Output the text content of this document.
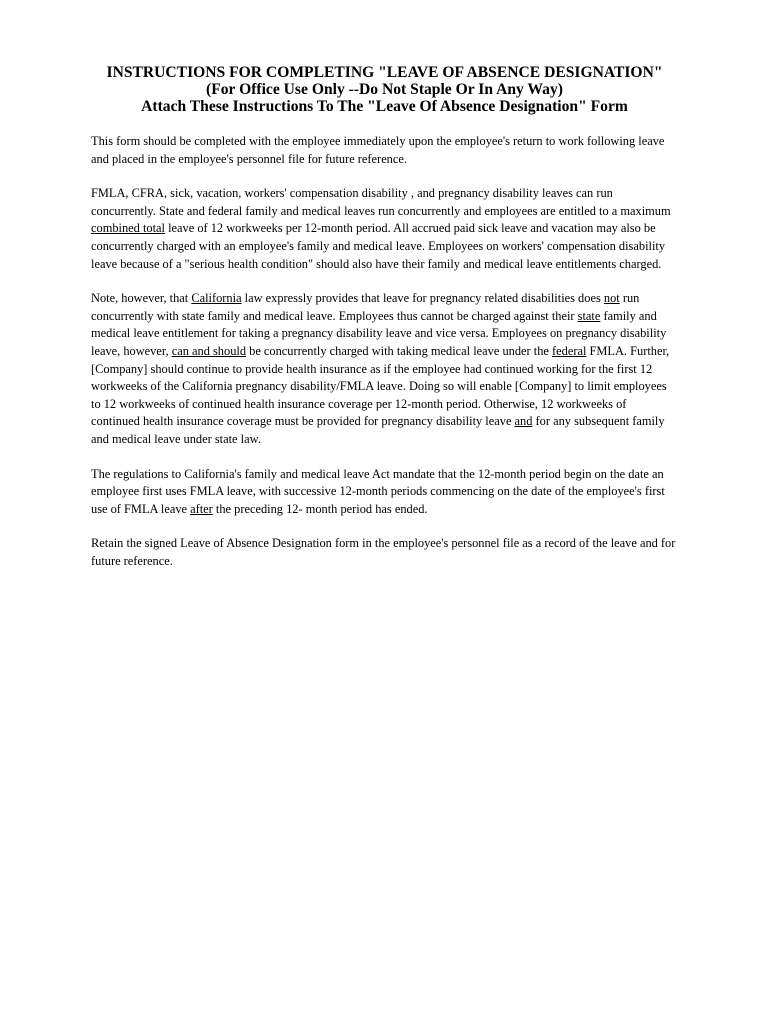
INSTRUCTIONS FOR COMPLETING "LEAVE OF ABSENCE DESIGNATION"
(For Office Use Only --Do Not Staple Or In Any Way)
Attach These Instructions To The "Leave Of Absence Designation" Form

This form should be completed with the employee immediately upon the employee's return to work following leave and placed in the employee's personnel file for future reference.

FMLA, CFRA, sick, vacation, workers' compensation disability , and pregnancy disability leaves can run concurrently. State and federal family and medical leaves run concurrently and employees are entitled to a maximum combined total leave of 12 workweeks per 12-month period. All accrued paid sick leave and vacation may also be concurrently charged with an employee's family and medical leave. Employees on workers' compensation disability leave because of a "serious health condition" should also have their family and medical leave entitlements charged.

Note, however, that California law expressly provides that leave for pregnancy related disabilities does not run concurrently with state family and medical leave. Employees thus cannot be charged against their state family and medical leave entitlement for taking a pregnancy disability leave and vice versa. Employees on pregnancy disability leave, however, can and should be concurrently charged with taking medical leave under the federal FMLA. Further, [Company] should continue to provide health insurance as if the employee had continued working for the first 12 workweeks of the California pregnancy disability/FMLA leave. Doing so will enable [Company] to limit employees to 12 workweeks of continued health insurance coverage per 12-month period. Otherwise, 12 workweeks of continued health insurance coverage must be provided for pregnancy disability leave and for any subsequent family and medical leave under state law.

The regulations to California's family and medical leave Act mandate that the 12-month period begin on the date an employee first uses FMLA leave, with successive 12-month periods commencing on the date of the employee's first use of FMLA leave after the preceding 12- month period has ended.

Retain the signed Leave of Absence Designation form in the employee's personnel file as a record of the leave and for future reference.
